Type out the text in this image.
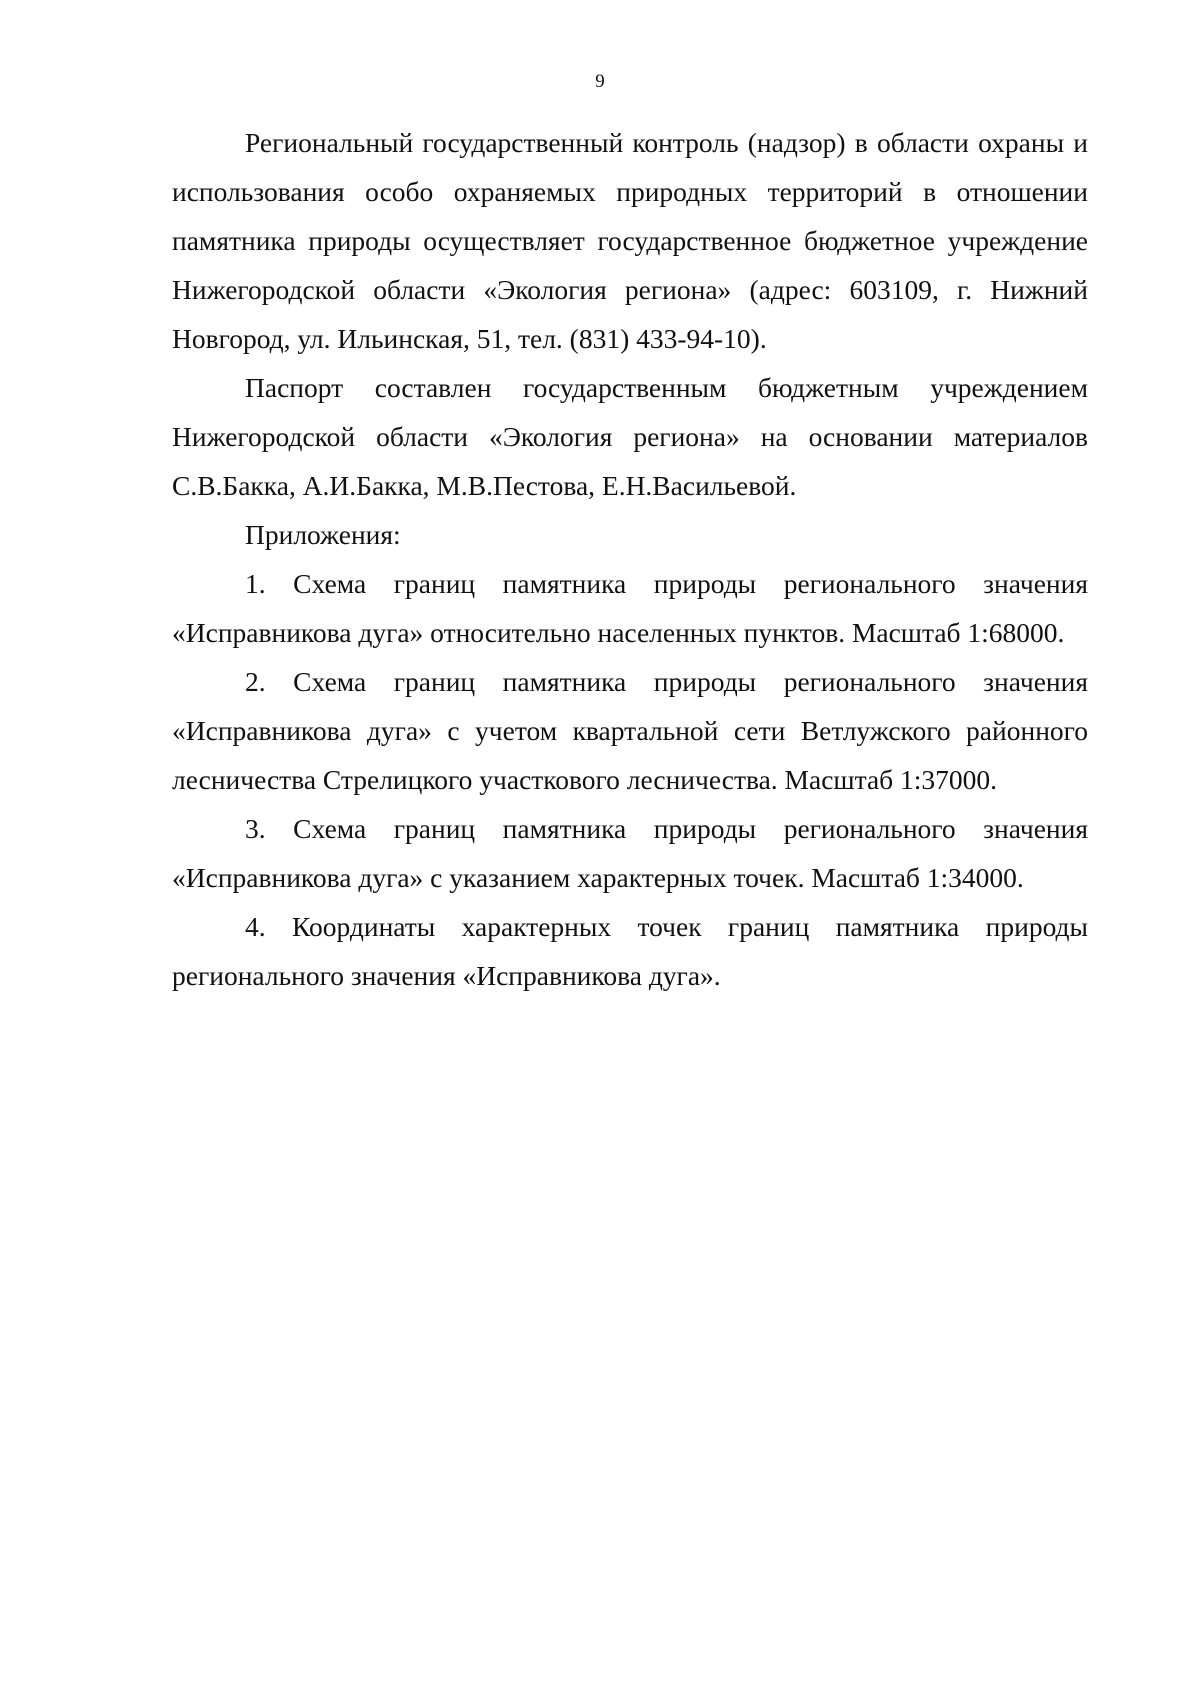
9

Региональный государственный контроль (надзор) в области охраны и использования особо охраняемых природных территорий в отношении памятника природы осуществляет государственное бюджетное учреждение Нижегородской области «Экология региона» (адрес: 603109, г. Нижний Новгород, ул. Ильинская, 51, тел. (831) 433-94-10).

Паспорт составлен государственным бюджетным учреждением Нижегородской области «Экология региона» на основании материалов С.В.Бакка, А.И.Бакка, М.В.Пестова, Е.Н.Васильевой.

Приложения:

1. Схема границ памятника природы регионального значения «Исправникова дуга» относительно населенных пунктов. Масштаб 1:68000.

2. Схема границ памятника природы регионального значения «Исправникова дуга» с учетом квартальной сети Ветлужского районного лесничества Стрелицкого участкового лесничества. Масштаб 1:37000.

3. Схема границ памятника природы регионального значения «Исправникова дуга» с указанием характерных точек. Масштаб 1:34000.

4. Координаты характерных точек границ памятника природы регионального значения «Исправникова дуга».
